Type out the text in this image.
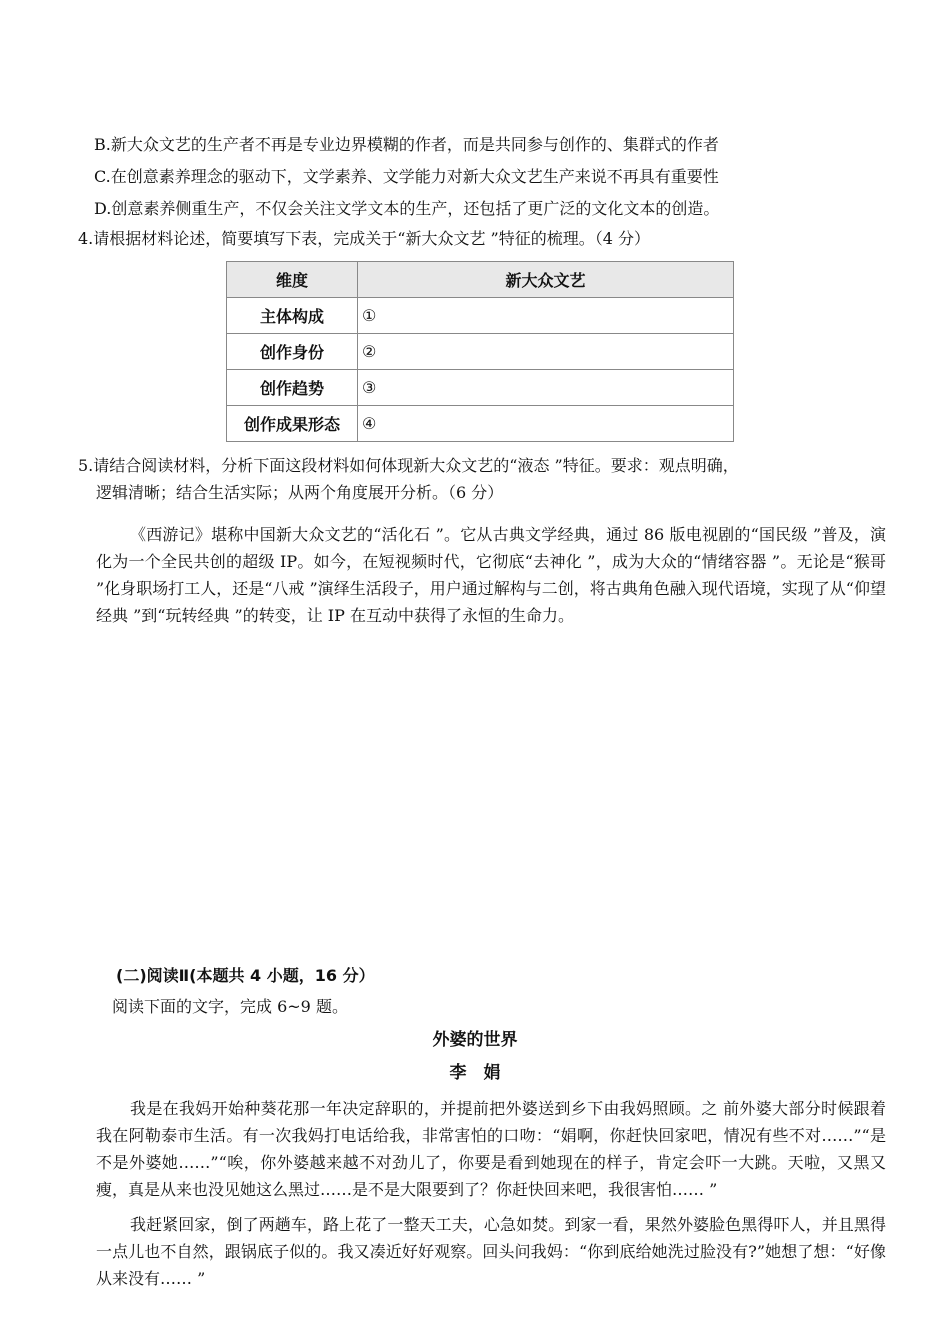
B.新大众文艺的生产者不再是专业边界模糊的作者，而是共同参与创作的、集群式的作者
C.在创意素养理念的驱动下，文学素养、文学能力对新大众文艺生产来说不再具有重要性
D.创意素养侧重生产，不仅会关注文学文本的生产，还包括了更广泛的文化文本的创造。
4.请根据材料论述，简要填写下表，完成关于“新大众文艺 ”特征的梳理。（4 分）
维度	新大众文艺
主体构成	①
创作身份	②
创作趋势	③
创作成果形态	④
5.请结合阅读材料，分析下面这段材料如何体现新大众文艺的“液态 ”特征。要求：观点明确，
逻辑清晰；结合生活实际；从两个角度展开分析。（6 分）

《西游记》堪称中国新大众文艺的“活化石 ”。它从古典文学经典，通过 86 版电视剧的“国民级 ”普及，演化为一个全民共创的超级 IP。如今，在短视频时代，它彻底“去神化 ”，成为大众的“情绪容器 ”。无论是“猴哥 ”化身职场打工人，还是“八戒 ”演绎生活段子，用户通过解构与二创，将古典角色融入现代语境，实现了从“仰望经典 ”到“玩转经典 ”的转变，让 IP 在互动中获得了永恒的生命力。

(二)阅读Ⅱ(本题共 4 小题，16 分）
阅读下面的文字，完成 6~9 题。
外婆的世界
李　娟

我是在我妈开始种葵花那一年决定辞职的，并提前把外婆送到乡下由我妈照顾。之 前外婆大部分时候跟着我在阿勒泰市生活。有一次我妈打电话给我，非常害怕的口吻：“娟啊，你赶快回家吧，情况有些不对……”“是不是外婆她……”“唉，你外婆越来越不对劲儿了，你要是看到她现在的样子，肯定会吓一大跳。天啦，又黑又瘦，真是从来也没见她这么黑过……是不是大限要到了？你赶快回来吧，我很害怕…… ”

我赶紧回家，倒了两趟车，路上花了一整天工夫，心急如焚。到家一看，果然外婆脸色黑得吓人，并且黑得一点儿也不自然，跟锅底子似的。我又凑近好好观察。回头问我妈：“你到底给她洗过脸没有?”她想了想：“好像从来没有…… ”
